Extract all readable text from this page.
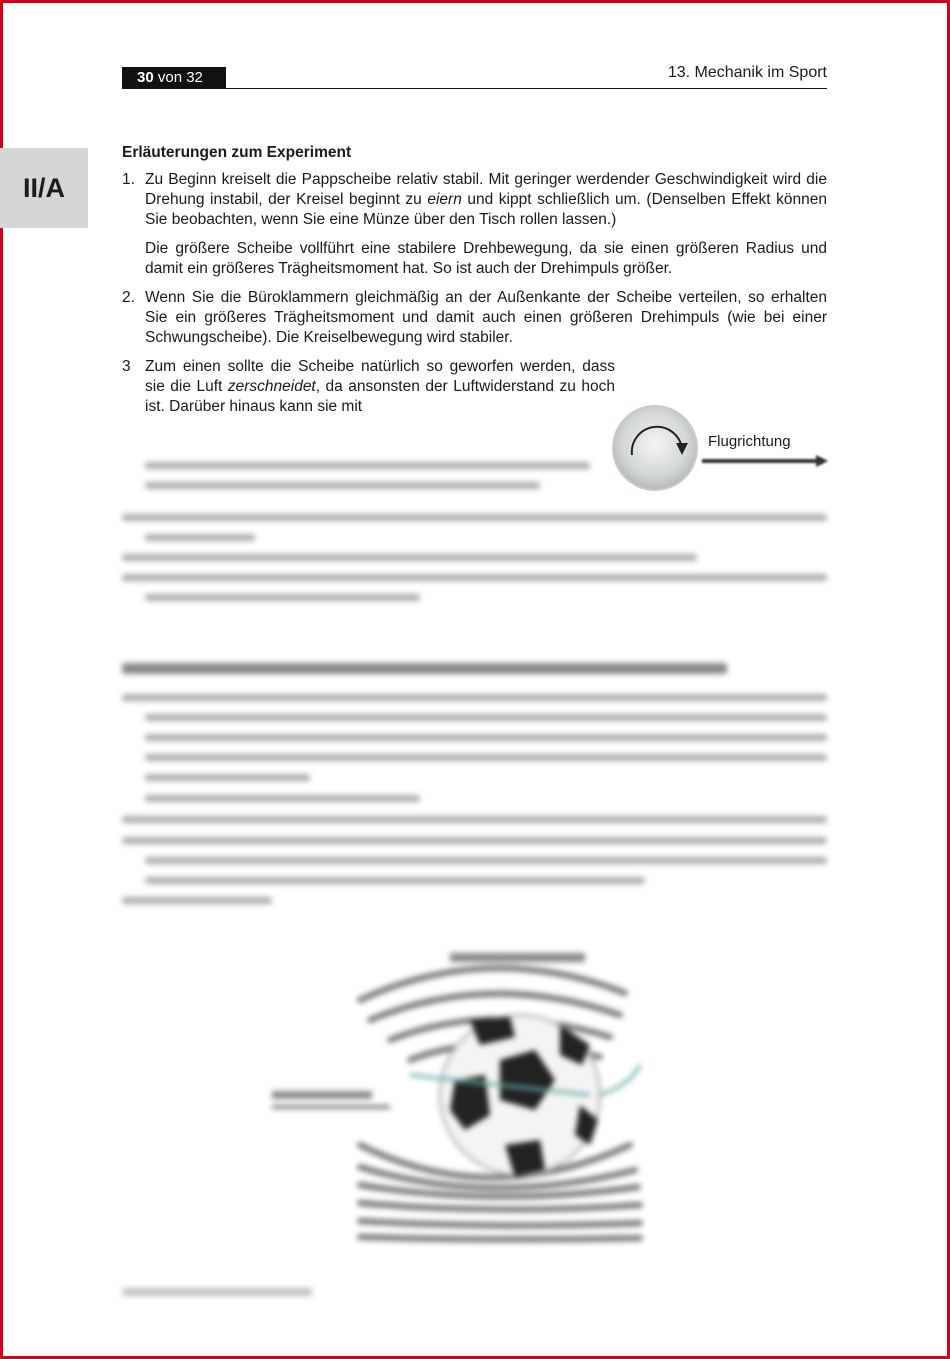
30 von 32	13. Mechanik im Sport
II/A
Erläuterungen zum Experiment
1. Zu Beginn kreiselt die Pappscheibe relativ stabil. Mit geringer werdender Geschwindigkeit wird die Drehung instabil, der Kreisel beginnt zu eiern und kippt schließlich um. (Denselben Effekt können Sie beobachten, wenn Sie eine Münze über den Tisch rollen lassen.)

Die größere Scheibe vollführt eine stabilere Drehbewegung, da sie einen größeren Radius und damit ein größeres Trägheitsmoment hat. So ist auch der Drehimpuls größer.

2. Wenn Sie die Büroklammern gleichmäßig an der Außenkante der Scheibe verteilen, so erhalten Sie ein größeres Trägheitsmoment und damit auch einen größeren Drehimpuls (wie bei einer Schwungscheibe). Die Kreiselbewegung wird stabiler.

3 Zum einen sollte die Scheibe natürlich so geworfen werden, dass sie die Luft zerschneidet, da ansonsten der Luftwiderstand zu hoch ist. Darüber hinaus kann sie mit

Flugrichtung
